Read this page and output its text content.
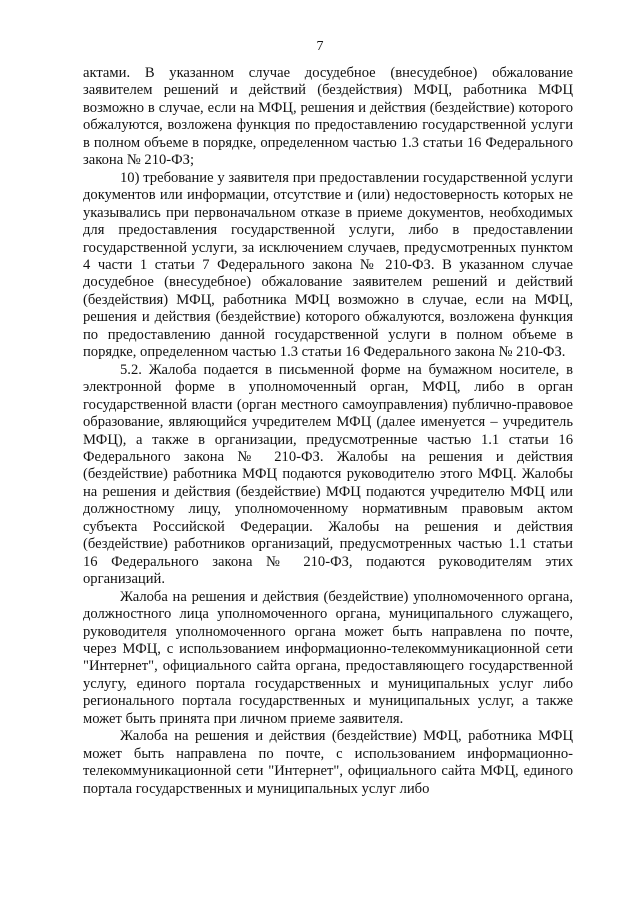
7

актами. В указанном случае досудебное (внесудебное) обжалование заявителем решений и действий (бездействия) МФЦ, работника МФЦ возможно в случае, если на МФЦ, решения и действия (бездействие) которого обжалуются, возложена функция по предоставлению государственной услуги в полном объеме в порядке, определенном частью 1.3 статьи 16 Федерального закона № 210-ФЗ;

10) требование у заявителя при предоставлении государственной услуги документов или информации, отсутствие и (или) недостоверность которых не указывались при первоначальном отказе в приеме документов, необходимых для предоставления государственной услуги, либо в предоставлении государственной услуги, за исключением случаев, предусмотренных пунктом 4 части 1 статьи 7 Федерального закона № 210-ФЗ. В указанном случае досудебное (внесудебное) обжалование заявителем решений и действий (бездействия) МФЦ, работника МФЦ возможно в случае, если на МФЦ, решения и действия (бездействие) которого обжалуются, возложена функция по предоставлению данной государственной услуги в полном объеме в порядке, определенном частью 1.3 статьи 16 Федерального закона № 210-ФЗ.

5.2. Жалоба подается в письменной форме на бумажном носителе, в электронной форме в уполномоченный орган, МФЦ, либо в орган государственной власти (орган местного самоуправления) публично-правовое образование, являющийся учредителем МФЦ (далее именуется – учредитель МФЦ), а также в организации, предусмотренные частью 1.1 статьи 16 Федерального закона № 210-ФЗ. Жалобы на решения и действия (бездействие) работника МФЦ подаются руководителю этого МФЦ. Жалобы на решения и действия (бездействие) МФЦ подаются учредителю МФЦ или должностному лицу, уполномоченному нормативным правовым актом субъекта Российской Федерации. Жалобы на решения и действия (бездействие) работников организаций, предусмотренных частью 1.1 статьи 16 Федерального закона № 210-ФЗ, подаются руководителям этих организаций.

Жалоба на решения и действия (бездействие) уполномоченного органа, должностного лица уполномоченного органа, муниципального служащего, руководителя уполномоченного органа может быть направлена по почте, через МФЦ, с использованием информационно-телекоммуникационной сети "Интернет", официального сайта органа, предоставляющего государственной услугу, единого портала государственных и муниципальных услуг либо регионального портала государственных и муниципальных услуг, а также может быть принята при личном приеме заявителя.

Жалоба на решения и действия (бездействие) МФЦ, работника МФЦ может быть направлена по почте, с использованием информационно-телекоммуникационной сети "Интернет", официального сайта МФЦ, единого портала государственных и муниципальных услуг либо
